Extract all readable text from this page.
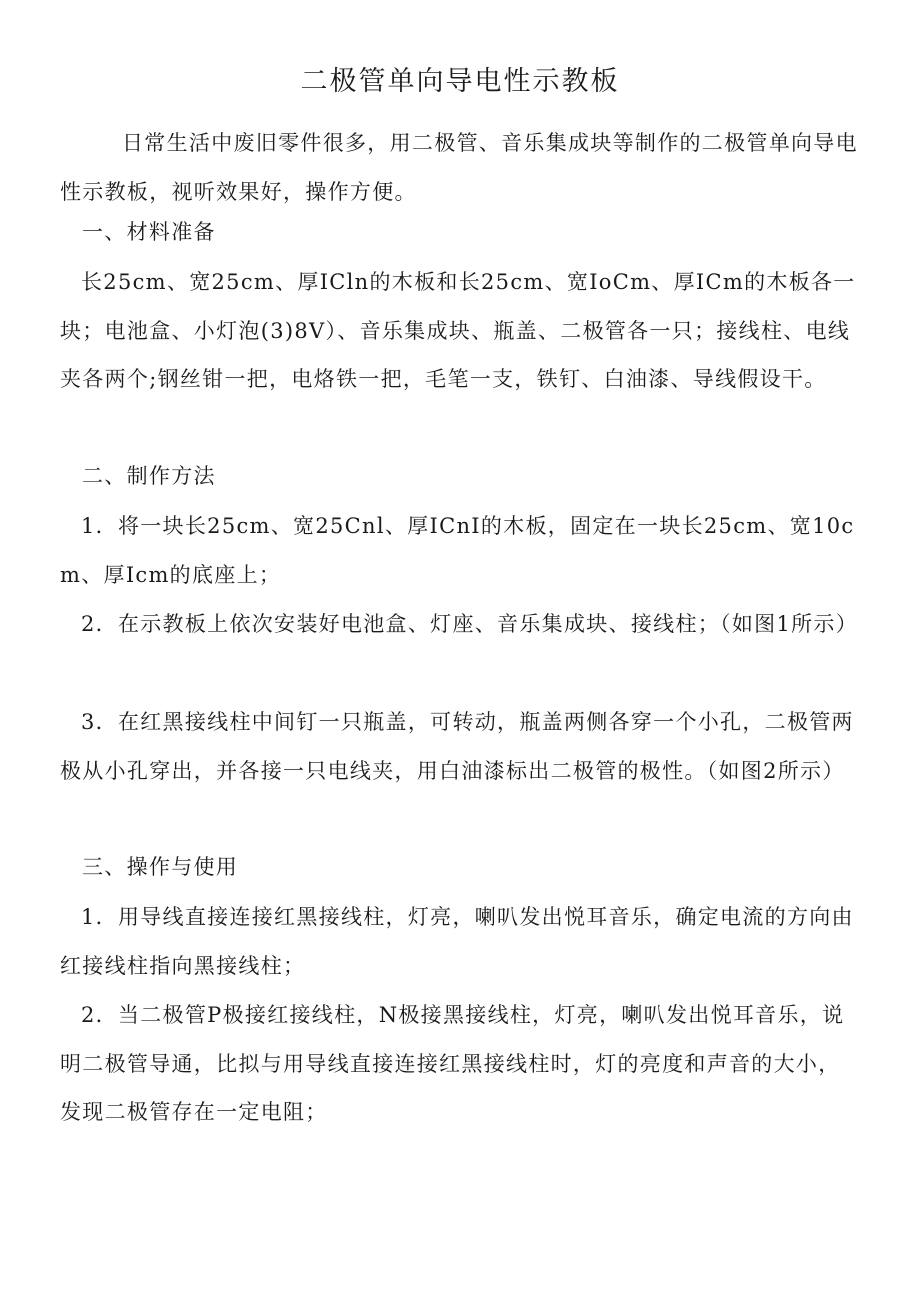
二极管单向导电性示教板

日常生活中废旧零件很多，用二极管、音乐集成块等制作的二极管单向导电性示教板，视听效果好，操作方便。

一、材料准备

长25cm、宽25cm、厚ICln的木板和长25cm、宽IoCm、厚ICm的木板各一块；电池盒、小灯泡(3)8V）、音乐集成块、瓶盖、二极管各一只；接线柱、电线夹各两个;钢丝钳一把，电烙铁一把，毛笔一支，铁钉、白油漆、导线假设干。

二、制作方法

1．将一块长25cm、宽25Cnl、厚ICnI的木板，固定在一块长25cm、宽10cm、厚Icm的底座上；

2．在示教板上依次安装好电池盒、灯座、音乐集成块、接线柱；（如图1所示）

3．在红黑接线柱中间钉一只瓶盖，可转动，瓶盖两侧各穿一个小孔，二极管两极从小孔穿出，并各接一只电线夹，用白油漆标出二极管的极性。（如图2所示）

三、操作与使用

1．用导线直接连接红黑接线柱，灯亮，喇叭发出悦耳音乐，确定电流的方向由红接线柱指向黑接线柱；

2．当二极管P极接红接线柱，N极接黑接线柱，灯亮，喇叭发出悦耳音乐，说明二极管导通，比拟与用导线直接连接红黑接线柱时，灯的亮度和声音的大小，发现二极管存在一定电阻；
